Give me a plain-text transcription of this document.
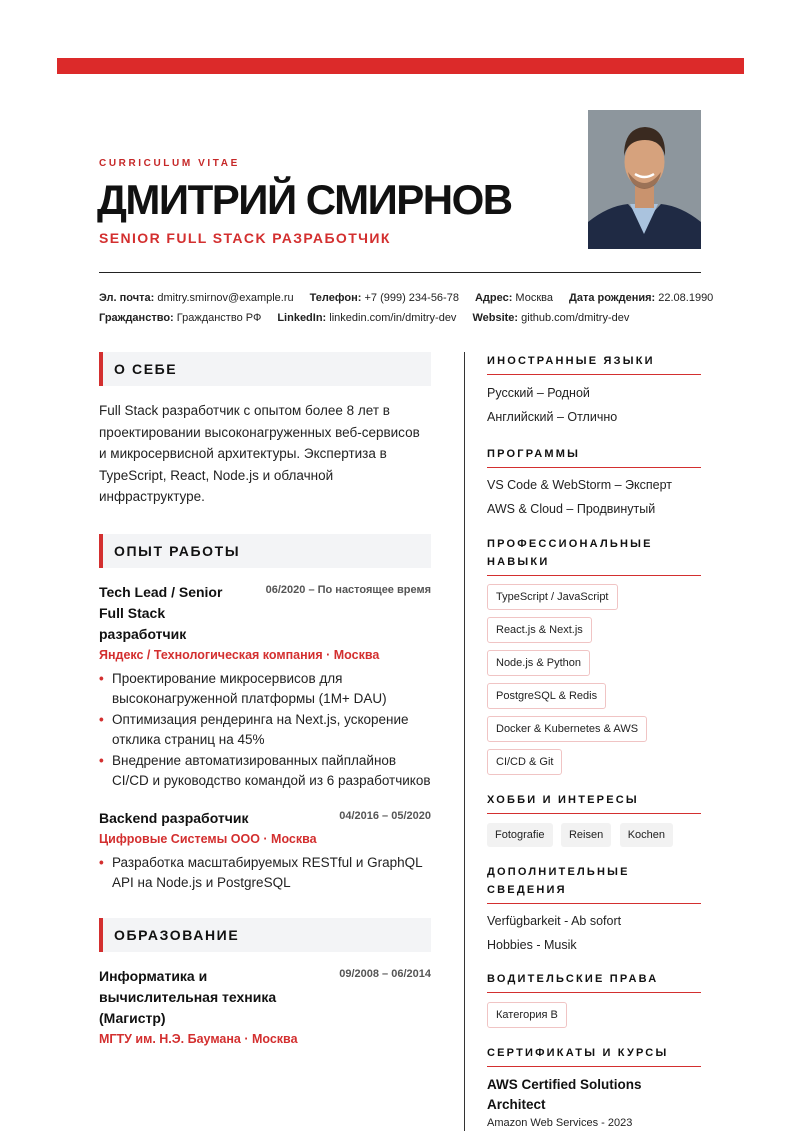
CURRICULUM VITAE
ДМИТРИЙ СМИРНОВ
SENIOR FULL STACK РАЗРАБОТЧИК
Эл. почта: dmitry.smirnov@example.ru Телефон: +7 (999) 234-56-78 Адрес: Москва Дата рождения: 22.08.1990
Гражданство: Гражданство РФ LinkedIn: linkedin.com/in/dmitry-dev Website: github.com/dmitry-dev
О СЕБЕ

Full Stack разработчик с опытом более 8 лет в проектировании высоконагруженных веб-сервисов и микросервисной архитектуры. Экспертиза в TypeScript, React, Node.js и облачной инфраструктуре.

ОПЫТ РАБОТЫ
Tech Lead / Senior Full Stack разработчик
06/2020 – По настоящее время
Яндекс / Технологическая компания · Москва
• Проектирование микросервисов для высоконагруженной платформы (1M+ DAU)
• Оптимизация рендеринга на Next.js, ускорение отклика страниц на 45%
• Внедрение автоматизированных пайплайнов CI/CD и руководство командой из 6 разработчиков
Backend разработчик	04/2016 – 05/2020
Цифровые Системы ООО · Москва
• Разработка масштабируемых RESTful и GraphQL API на Node.js и PostgreSQL
ОБРАЗОВАНИЕ
Информатика и вычислительная техника (Магистр)
09/2008 – 06/2014
МГТУ им. Н.Э. Баумана · Москва
ИНОСТРАННЫЕ ЯЗЫКИ
Русский – Родной
Английский – Отлично
ПРОГРАММЫ
VS Code & WebStorm – Эксперт
AWS & Cloud – Продвинутый
ПРОФЕССИОНАЛЬНЫЕ НАВЫКИ
TypeScript / JavaScript
React.js & Next.js
Node.js & Python
PostgreSQL & Redis
Docker & Kubernetes & AWS
CI/CD & Git
ХОББИ И ИНТЕРЕСЫ
Fotografie Reisen Kochen
ДОПОЛНИТЕЛЬНЫЕ СВЕДЕНИЯ
Verfügbarkeit - Ab sofort
Hobbies - Musik
ВОДИТЕЛЬСКИЕ ПРАВА
Категория B
СЕРТИФИКАТЫ И КУРСЫ
AWS Certified Solutions Architect
Amazon Web Services - 2023
